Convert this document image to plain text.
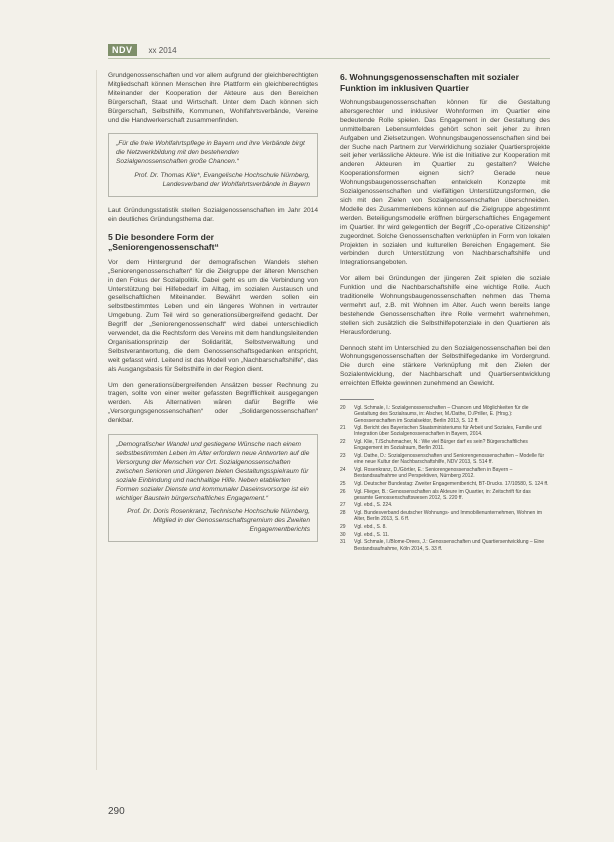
NDV	xx 2014

Grundgenossenschaften und vor allem aufgrund der gleichberechtigten Mitgliedschaft können Menschen ihre Plattform ein gleichberechtigtes Miteinander der Kooperation der Akteure aus den Bereichen Bürgerschaft, Staat und Wirtschaft. Unter dem Dach können sich Bürgerschaft, Selbsthilfe, Kommunen, Wohlfahrtsverbände, Vereine und die Handwerkerschaft zusammenfinden.

„Für die freie Wohlfahrtspflege in Bayern und ihre Verbände birgt die Netzwerkbildung mit den bestehenden Sozialgenossenschaften große Chancen.“

Prof. Dr. Thomas Klie*, Evangelische Hochschule Nürnberg, Landesverband der Wohlfahrtsverbände in Bayern

Laut Gründungsstatistik stellen Sozialgenossenschaften im Jahr 2014 ein deutliches Gründungsthema dar.

5 Die besondere Form der „Seniorengenossenschaft“

Vor dem Hintergrund der demografischen Wandels stehen „Seniorengenossenschaften“ für die Zielgruppe der älteren Menschen in den Fokus der Sozialpolitik. Dabei geht es um die Verbindung von Unterstützung bei Hilfebedarf im Alltag, im sozialen Austausch und gesellschaftlichen Miteinander. Bewährt werden sollen ein selbstbestimmtes Leben und ein längeres Wohnen in vertrauter Umgebung. Zum Teil wird so generationsübergreifend gedacht. Der Begriff der „Seniorengenossenschaft“ wird dabei unterschiedlich verwendet, da die Rechtsform des Vereins mit dem handlungsleitenden Organisationsprinzip der Solidarität, Selbstverwaltung und Selbstverantwortung, die dem Genossenschaftsgedanken entspricht, weit gefasst wird. Leitend ist das Modell von „Nachbarschaftshilfe“, das als Ausgangsbasis für Selbsthilfe in der Region dient.

Um den generationsübergreifenden Ansätzen besser Rechnung zu tragen, sollte von einer weiter gefassten Begrifflichkeit ausgegangen werden. Als Alternativen wären dafür Begriffe wie „Versorgungsgenossenschaften“ oder „Solidargenossenschaften“ denkbar.

„Demografischer Wandel und gestiegene Wünsche nach einem selbstbestimmten Leben im Alter erfordern neue Antworten auf die Versorgung der Menschen vor Ort. Sozialgenossenschaften zwischen Senioren und Jüngeren bieten Gestaltungsspielraum für soziale Einbindung und nachhaltige Hilfe. Neben etablierten Formen sozialer Dienste und kommunaler Daseinsvorsorge ist ein wichtiger Baustein bürgerschaftliches Engagement.“

Prof. Dr. Doris Rosenkranz, Technische Hochschule Nürnberg, Mitglied in der Genossenschaftsgremium des Zweiten Engagementberichts

6. Wohnungsgenossenschaften mit sozialer Funktion im inklusiven Quartier

Wohnungsbaugenossenschaften können für die Gestaltung altersgerechter und inklusiver Wohnformen im Quartier eine bedeutende Rolle spielen. Das Engagement in der Gestaltung des unmittelbaren Lebensumfeldes gehört schon seit jeher zu ihren Aufgaben und Zielsetzungen. Wohnungsbaugenossenschaften sind bei der Suche nach Partnern zur Verwirklichung sozialer Quartiersprojekte seit jeher verlässliche Akteure. Wie ist die Initiative zur Kooperation mit anderen Akteuren im Quartier zu gestalten? Welche Kooperationsformen eignen sich? Gerade neue Wohnungsbaugenossenschaften entwickeln Konzepte mit Sozialgenossenschaften und vielfältigen Unterstützungsformen, die sich mit den Zielen von Sozialgenossenschaften überschneiden. Modelle des Zusammenlebens können auf die Zielgruppe abgestimmt werden. Beteiligungsmodelle eröffnen bürgerschaftliches Engagement im Quartier. Ihr wird gelegentlich der Begriff „Co-operative Citizenship“ zugeordnet. Solche Genossenschaften verknüpfen in Form von lokalen Projekten in sozialen und kulturellen Bereichen Engagement. Sie verbinden durch Unterstützung von Nachbarschaftshilfe und Integrationsangeboten.

Vor allem bei Gründungen der jüngeren Zeit spielen die soziale Funktion und die Nachbarschaftshilfe eine wichtige Rolle. Auch traditionelle Wohnungsbaugenossenschaften nehmen das Thema vermehrt auf, z.B. mit Wohnen im Alter. Auch wenn bereits lange bestehende Genossenschaften ihre Rolle vermehrt wahrnehmen, stellen sich zusätzlich die Selbsthilfepotenziale in den Quartieren als Herausforderung.

Dennoch steht im Unterschied zu den Sozialgenossenschaften bei den Wohnungsgenossenschaften der Selbsthilfegedanke im Vordergrund. Die durch eine stärkere Verknüpfung mit den Zielen der Sozialentwicklung, der Nachbarschaft und Quartiersentwicklung erreichten Effekte gewinnen zunehmend an Gewicht.

20	Vgl. Schmale, I.: Sozialgenossenschaften – Chancen und Möglichkeiten für die Gestaltung des Sozialraums, in: Alscher, M./Dathe, D./Priller, E. (Hrsg.): Genossenschaften im Sozialsektor, Berlin 2013, S. 12 ff.
21	Vgl. Bericht des Bayerischen Staatsministeriums für Arbeit und Soziales, Familie und Integration über Sozialgenossenschaften in Bayern, 2014.
22	Vgl. Klie, T./Schuhmacher, N.: Wie viel Bürger darf es sein? Bürgerschaftliches Engagement im Sozialraum, Berlin 2011.
23	Vgl. Dathe, D.: Sozialgenossenschaften und Seniorengenossenschaften – Modelle für eine neue Kultur der Nachbarschaftshilfe, NDV 2013, S. 514 ff.
24	Vgl. Rosenkranz, D./Görtler, E.: Seniorengenossenschaften in Bayern – Bestandsaufnahme und Perspektiven, Nürnberg 2012.
25	Vgl. Deutscher Bundestag: Zweiter Engagementbericht, BT-Drucks. 17/10580, S. 124 ff.
26	Vgl. Flieger, B.: Genossenschaften als Akteure im Quartier, in: Zeitschrift für das gesamte Genossenschaftswesen 2012, S. 220 ff.
27	Vgl. ebd., S. 224.
28	Vgl. Bundesverband deutscher Wohnungs- und Immobilienunternehmen, Wohnen im Alter, Berlin 2013, S. 6 ff.
29	Vgl. ebd., S. 8.
30	Vgl. ebd., S. 11.
31	Vgl. Schmale, I./Blome-Drees, J.: Genossenschaften und Quartiersentwicklung – Eine Bestandsaufnahme, Köln 2014, S. 33 ff.
290
